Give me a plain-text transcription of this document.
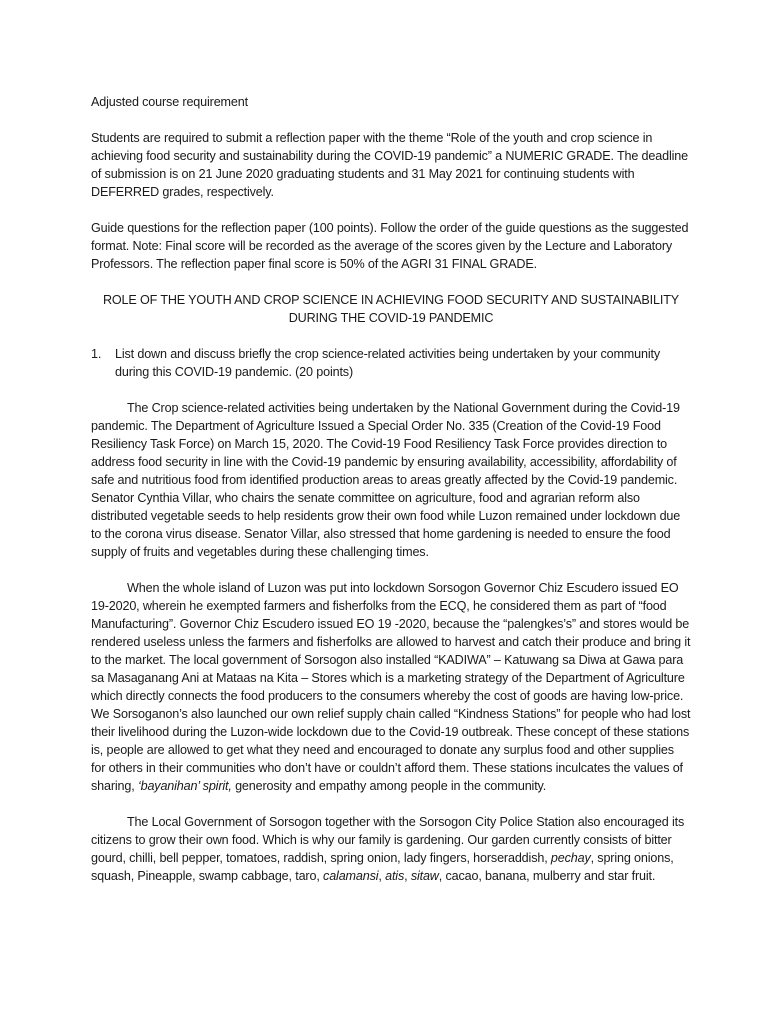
Adjusted course requirement

Students are required to submit a reflection paper with the theme “Role of the youth and crop science in achieving food security and sustainability during the COVID-19 pandemic” a NUMERIC GRADE. The deadline of submission is on 21 June 2020 graduating students and 31 May 2021 for continuing students with DEFERRED grades, respectively.

Guide questions for the reflection paper (100 points). Follow the order of the guide questions as the suggested format. Note: Final score will be recorded as the average of the scores given by the Lecture and Laboratory Professors. The reflection paper final score is 50% of the AGRI 31 FINAL GRADE.

ROLE OF THE YOUTH AND CROP SCIENCE IN ACHIEVING FOOD SECURITY AND SUSTAINABILITY DURING THE COVID-19 PANDEMIC

1.	List down and discuss briefly the crop science-related activities being undertaken by your community during this COVID-19 pandemic. (20 points)

The Crop science-related activities being undertaken by the National Government during the Covid-19 pandemic. The Department of Agriculture Issued a Special Order No. 335 (Creation of the Covid-19 Food Resiliency Task Force) on March 15, 2020. The Covid-19 Food Resiliency Task Force provides direction to address food security in line with the Covid-19 pandemic by ensuring availability, accessibility, affordability of safe and nutritious food from identified production areas to areas greatly affected by the Covid-19 pandemic. Senator Cynthia Villar, who chairs the senate committee on agriculture, food and agrarian reform also distributed vegetable seeds to help residents grow their own food while Luzon remained under lockdown due to the corona virus disease. Senator Villar, also stressed that home gardening is needed to ensure the food supply of fruits and vegetables during these challenging times.

When the whole island of Luzon was put into lockdown Sorsogon Governor Chiz Escudero issued EO 19-2020, wherein he exempted farmers and fisherfolks from the ECQ, he considered them as part of “food Manufacturing”. Governor Chiz Escudero issued EO 19 -2020, because the “palengkes’s” and stores would be rendered useless unless the farmers and fisherfolks are allowed to harvest and catch their produce and bring it to the market. The local government of Sorsogon also installed “KADIWA” – Katuwang sa Diwa at Gawa para sa Masaganang Ani at Mataas na Kita – Stores which is a marketing strategy of the Department of Agriculture which directly connects the food producers to the consumers whereby the cost of goods are having low-price. We Sorsoganon’s also launched our own relief supply chain called “Kindness Stations” for people who had lost their livelihood during the Luzon-wide lockdown due to the Covid-19 outbreak. These concept of these stations is, people are allowed to get what they need and encouraged to donate any surplus food and other supplies for others in their communities who don’t have or couldn’t afford them. These stations inculcates the values of sharing, ‘bayanihan’ spirit, generosity and empathy among people in the community.

The Local Government of Sorsogon together with the Sorsogon City Police Station also encouraged its citizens to grow their own food. Which is why our family is gardening. Our garden currently consists of bitter gourd, chilli, bell pepper, tomatoes, raddish, spring onion, lady fingers, horseraddish, pechay, spring onions, squash, Pineapple, swamp cabbage, taro, calamansi, atis, sitaw, cacao, banana, mulberry and star fruit.
